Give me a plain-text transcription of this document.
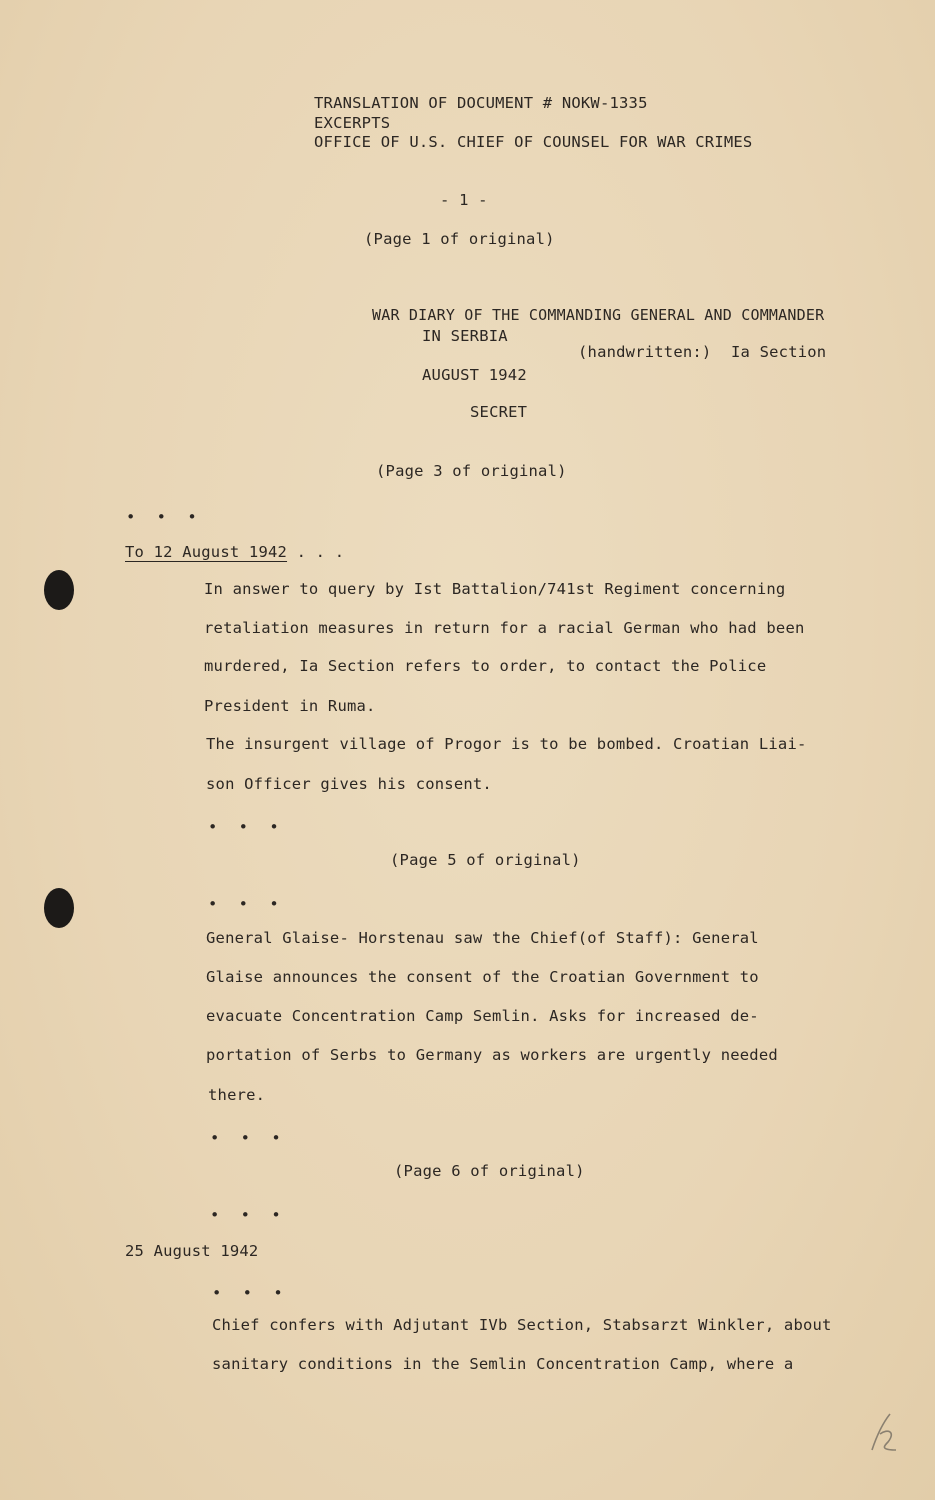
TRANSLATION OF DOCUMENT # NOKW-1335
EXCERPTS
OFFICE OF U.S. CHIEF OF COUNSEL FOR WAR CRIMES
- 1 -
(Page 1 of original)
WAR DIARY OF THE COMMANDING GENERAL AND COMMANDER
IN SERBIA
(handwritten:) Ia Section
AUGUST 1942
SECRET
(Page 3 of original)
• • •
To 12 August 1942 . . .
In answer to query by Ist Battalion/741st Regiment concerning
retaliation measures in return for a racial German who had been
murdered, Ia Section refers to order, to contact the Police
President in Ruma.
The insurgent village of Progor is to be bombed. Croatian Liai-
son Officer gives his consent.
• • •
(Page 5 of original)
• • •
General Glaise- Horstenau saw the Chief(of Staff): General
Glaise announces the consent of the Croatian Government to
evacuate Concentration Camp Semlin. Asks for increased de-
portation of Serbs to Germany as workers are urgently needed
there.
• • •
(Page 6 of original)
• • •
25 August 1942
• • •
Chief confers with Adjutant IVb Section, Stabsarzt Winkler, about
sanitary conditions in the Semlin Concentration Camp, where a
